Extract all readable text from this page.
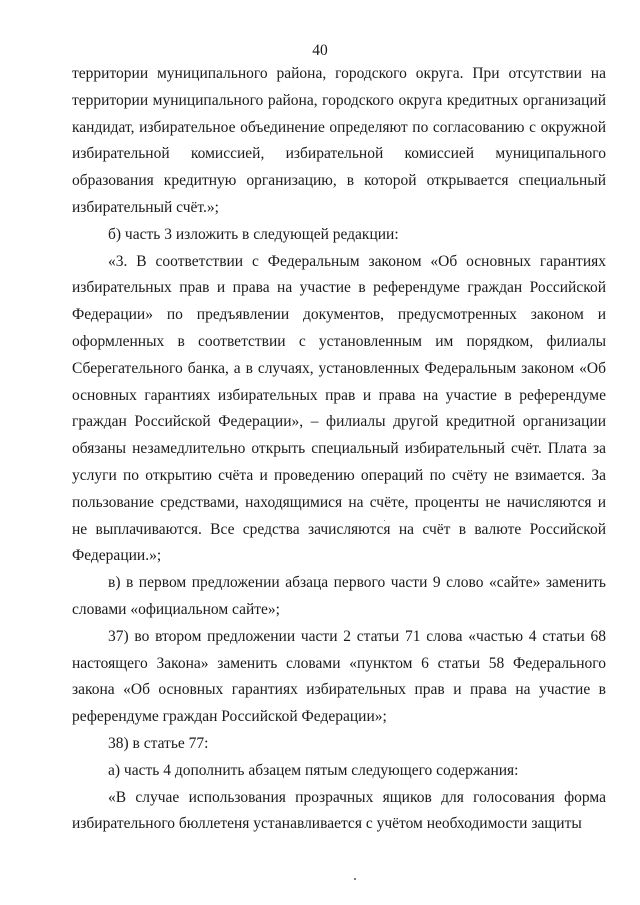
40

территории муниципального района, городского округа. При отсутствии на территории муниципального района, городского округа кредитных организаций кандидат, избирательное объединение определяют по согласованию с окружной избирательной комиссией, избирательной комиссией муниципального образования кредитную организацию, в которой открывается специальный избирательный счёт.»;

б) часть 3 изложить в следующей редакции:

«3. В соответствии с Федеральным законом «Об основных гарантиях избирательных прав и права на участие в референдуме граждан Российской Федерации» по предъявлении документов, предусмотренных законом и оформленных в соответствии с установленным им порядком, филиалы Сберегательного банка, а в случаях, установленных Федеральным законом «Об основных гарантиях избирательных прав и права на участие в референдуме граждан Российской Федерации», – филиалы другой кредитной организации обязаны незамедлительно открыть специальный избирательный счёт. Плата за услуги по открытию счёта и проведению операций по счёту не взимается. За пользование средствами, находящимися на счёте, проценты не начисляются и не выплачиваются. Все средства зачисляются на счёт в валюте Российской Федерации.»;

в) в первом предложении абзаца первого части 9 слово «сайте» заменить словами «официальном сайте»;

37) во втором предложении части 2 статьи 71 слова «частью 4 статьи 68 настоящего Закона» заменить словами «пунктом 6 статьи 58 Федерального закона «Об основных гарантиях избирательных прав и права на участие в референдуме граждан Российской Федерации»;

38) в статье 77:

а) часть 4 дополнить абзацем пятым следующего содержания:

«В случае использования прозрачных ящиков для голосования форма избирательного бюллетеня устанавливается с учётом необходимости защиты
